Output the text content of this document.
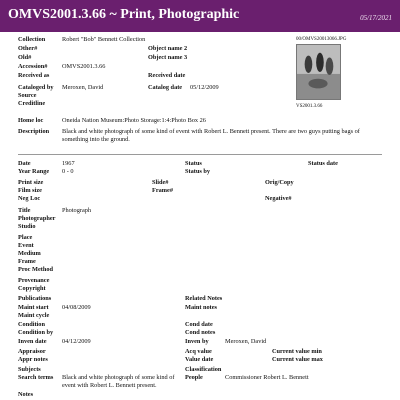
OMVS2001.3.66 ~ Print, Photographic	05/17/2021
00/OMVS20013066.JPG
VS2001.3.66
Collection	Robert "Bob" Bennett Collection
Other#
Old#
Accession# OMVS2001.3.66
Received as
Cataloged by Meroxen, David
Source
Creditline
Object name 2
Object name 3
Received date
Catalog date 05/12/2009
Home loc	Oneida Nation Museum:Photo Storage:1:4:Photo Box 26
Description Black and white photograph of some kind of event with Robert L. Bennett present. There are two guys putting bags of something into the ground.
Date	1967
Year Range 0 - 0
Status
Status by
Status date
Print size
Film size
Neg Loc
Slide#
Frame#
Orig/Copy
Negative#
Title	Photograph
Photographer
Studio
Place
Event
Medium
Frame
Proc Method
Provenance
Copyright
Publications	Related Notes
Maint start 04/08/2009
Maint cycle
Maint notes
Condition
Condition by
Cond date
Cond notes
Inven date 04/12/2009	Inven by	Meroxen, David
Appraisor
Appr notes
Acq value
Value date
Current value min
Current value max
Subjects	Classification
Search terms Black and white photograph of some kind of event with Robert L. Bennett present.
People	Commissioner Robert L. Bennett
Notes
